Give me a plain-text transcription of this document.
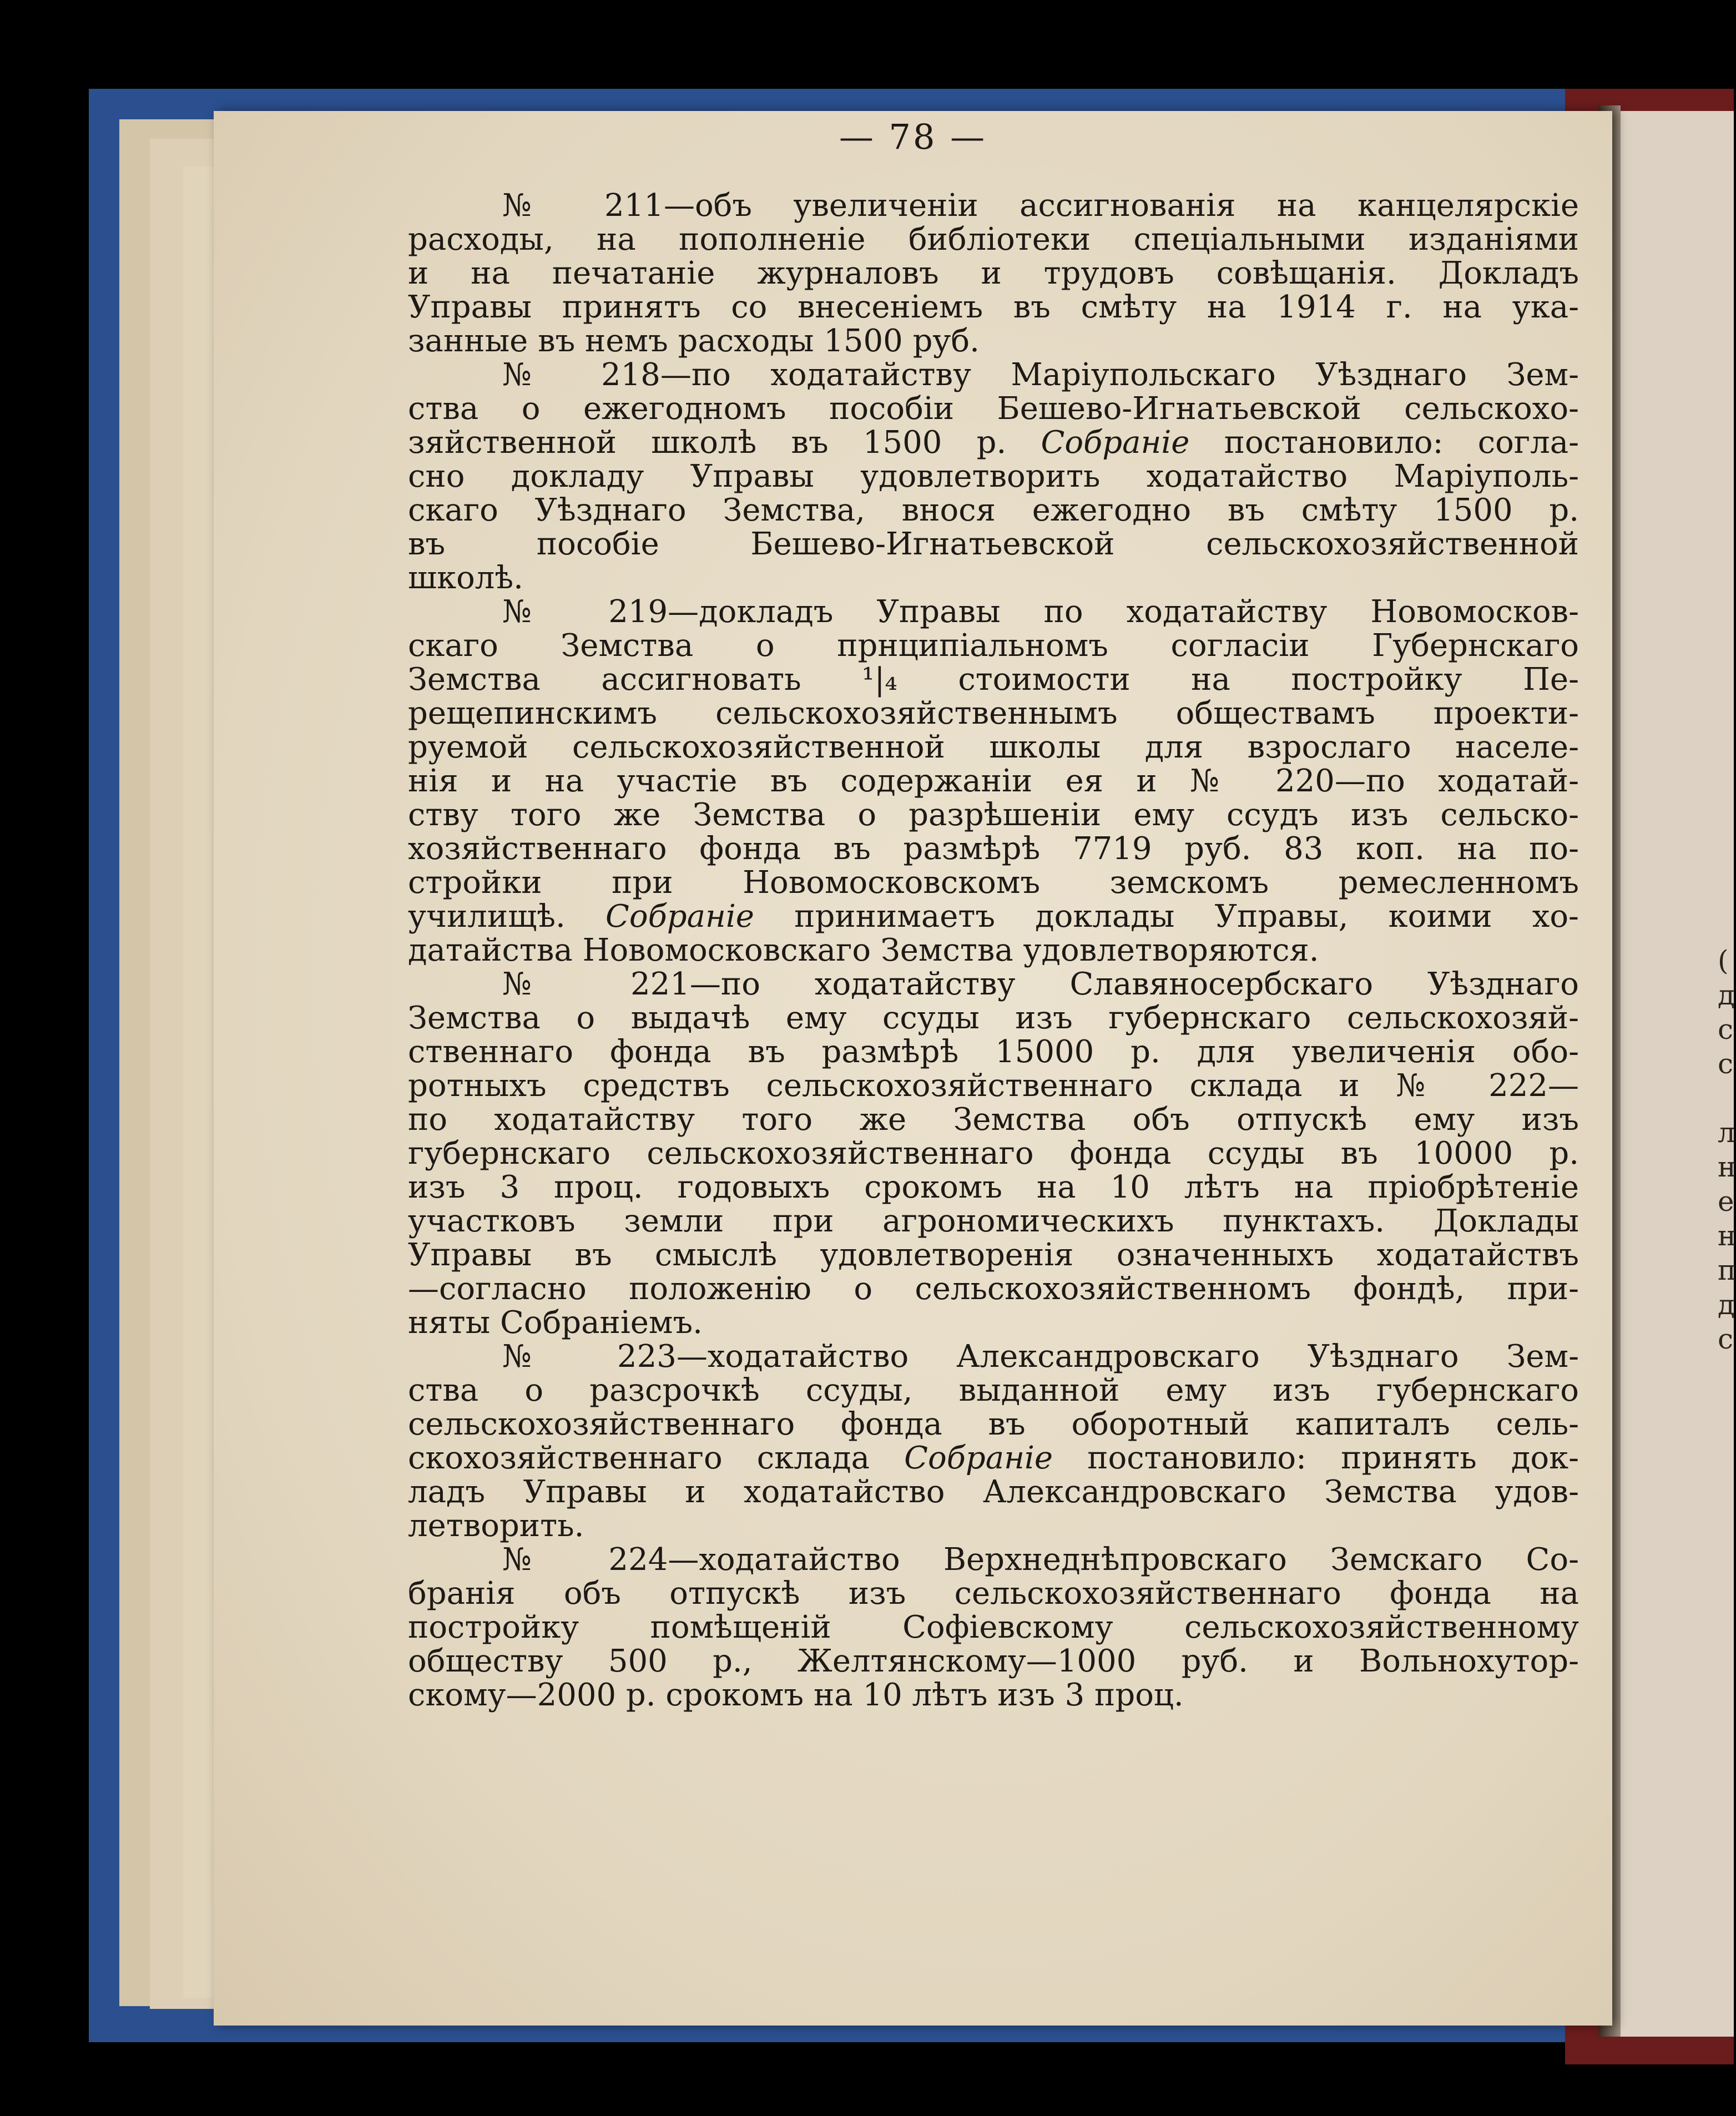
(
д
с
с

л
н
е
н
п
д
с
— 78 —
№ 211—объ увеличеніи ассигнованія на канцелярскіе
расходы, на пополненіе библіотеки спеціальными изданіями
и на печатаніе журналовъ и трудовъ совѣщанія. Докладъ
Управы принятъ со внесеніемъ въ смѣту на 1914 г. на ука-
занные въ немъ расходы 1500 руб.
№ 218—по ходатайству Маріупольскаго Уѣзднаго Зем-
ства о ежегодномъ пособіи Бешево-Игнатьевской сельскохо-
зяйственной школѣ въ 1500 р. Собраніе постановило: согла-
сно докладу Управы удовлетворить ходатайство Маріуполь-
скаго Уѣзднаго Земства, внося ежегодно въ смѣту 1500 р.
въ пособіе Бешево-Игнатьевской сельскохозяйственной
школѣ.
№ 219—докладъ Управы по ходатайству Новомосков-
скаго Земства о прнципіальномъ согласіи Губернскаго
Земства ассигновать ¹|₄ стоимости на постройку Пе-
рещепинскимъ сельскохозяйственнымъ обществамъ проекти-
руемой сельскохозяйственной школы для взрослаго населе-
нія и на участіе въ содержаніи ея и № 220—по ходатай-
ству того же Земства о разрѣшеніи ему ссудъ изъ сельско-
хозяйственнаго фонда въ размѣрѣ 7719 руб. 83 коп. на по-
стройки при Новомосковскомъ земскомъ ремесленномъ
училищѣ. Собраніе принимаетъ доклады Управы, коими хо-
датайства Новомосковскаго Земства удовлетворяются.
№ 221—по ходатайству Славяносербскаго Уѣзднаго
Земства о выдачѣ ему ссуды изъ губернскаго сельскохозяй-
ственнаго фонда въ размѣрѣ 15000 р. для увеличенія обо-
ротныхъ средствъ сельскохозяйственнаго склада и № 222—
по ходатайству того же Земства объ отпускѣ ему изъ
губернскаго сельскохозяйственнаго фонда ссуды въ 10000 р.
изъ 3 проц. годовыхъ срокомъ на 10 лѣтъ на пріобрѣтеніе
участковъ земли при агрономическихъ пунктахъ. Доклады
Управы въ смыслѣ удовлетворенія означенныхъ ходатайствъ
—согласно положенію о сельскохозяйственномъ фондѣ, при-
няты Собраніемъ.
№ 223—ходатайство Александровскаго Уѣзднаго Зем-
ства о разсрочкѣ ссуды, выданной ему изъ губернскаго
сельскохозяйственнаго фонда въ оборотный капиталъ сель-
скохозяйственнаго склада Собраніе постановило: принять док-
ладъ Управы и ходатайство Александровскаго Земства удов-
летворить.
№ 224—ходатайство Верхнеднѣпровскаго Земскаго Со-
бранія объ отпускѣ изъ сельскохозяйственнаго фонда на
постройку помѣщеній Софіевскому сельскохозяйственному
обществу 500 р., Желтянскому—1000 руб. и Вольнохутор-
скому—2000 р. срокомъ на 10 лѣтъ изъ 3 проц.
